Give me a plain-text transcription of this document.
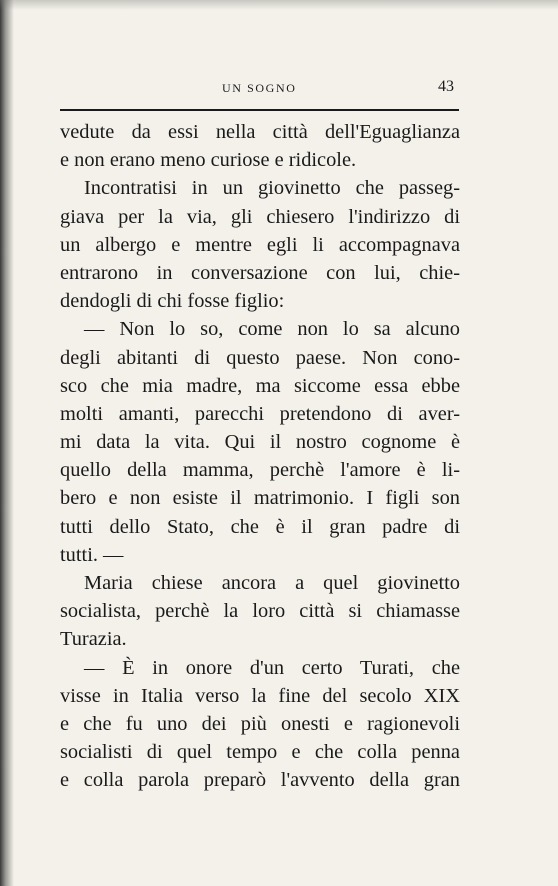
UN SOGNO	43
vedute da essi nella città dell'Eguaglianza
e non erano meno curiose e ridicole.
Incontratisi in un giovinetto che passeg-
giava per la via, gli chiesero l'indirizzo di
un albergo e mentre egli li accompagnava
entrarono in conversazione con lui, chie-
dendogli di chi fosse figlio:
— Non lo so, come non lo sa alcuno
degli abitanti di questo paese. Non cono-
sco che mia madre, ma siccome essa ebbe
molti amanti, parecchi pretendono di aver-
mi data la vita. Qui il nostro cognome è
quello della mamma, perchè l'amore è li-
bero e non esiste il matrimonio. I figli son
tutti dello Stato, che è il gran padre di
tutti. —
Maria chiese ancora a quel giovinetto
socialista, perchè la loro città si chiamasse
Turazia.
— È in onore d'un certo Turati, che
visse in Italia verso la fine del secolo XIX
e che fu uno dei più onesti e ragionevoli
socialisti di quel tempo e che colla penna
e colla parola preparò l'avvento della gran
